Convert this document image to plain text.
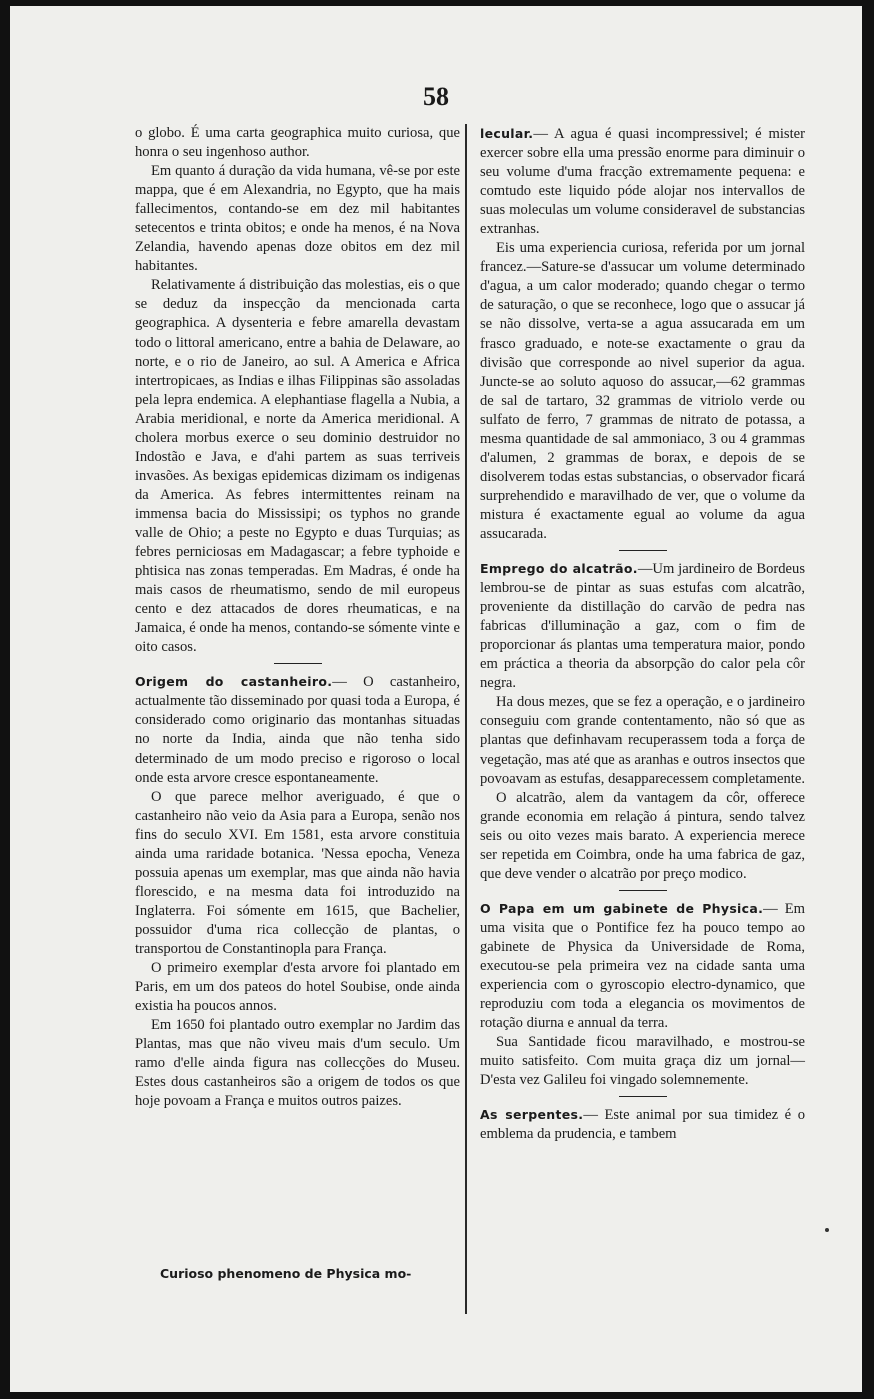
58

o globo. É uma carta geographica muito curiosa, que honra o seu ingenhoso author.

Em quanto á duração da vida humana, vê-se por este mappa, que é em Alexandria, no Egypto, que ha mais fallecimentos, contando-se em dez mil habitantes setecentos e trinta obitos; e onde ha menos, é na Nova Zelandia, havendo apenas doze obitos em dez mil habitantes.

Relativamente á distribuição das molestias, eis o que se deduz da inspecção da mencionada carta geographica. A dysenteria e febre amarella devastam todo o littoral americano, entre a bahia de Delaware, ao norte, e o rio de Janeiro, ao sul. A America e Africa intertropicaes, as Indias e ilhas Filippinas são assoladas pela lepra endemica. A elephantiase flagella a Nubia, a Arabia meridional, e norte da America meridional. A cholera morbus exerce o seu dominio destruidor no Indostão e Java, e d'ahi partem as suas terriveis invasões. As bexigas epidemicas dizimam os indigenas da America. As febres intermittentes reinam na immensa bacia do Mississipi; os typhos no grande valle de Ohio; a peste no Egypto e duas Turquias; as febres perniciosas em Madagascar; a febre typhoide e phtisica nas zonas temperadas. Em Madras, é onde ha mais casos de rheumatismo, sendo de mil europeus cento e dez attacados de dores rheumaticas, e na Jamaica, é onde ha menos, contando-se sómente vinte e oito casos.

Origem do castanheiro.— O castanheiro, actualmente tão disseminado por quasi toda a Europa, é considerado como originario das montanhas situadas no norte da India, ainda que não tenha sido determinado de um modo preciso e rigoroso o local onde esta arvore cresce espontaneamente.

O que parece melhor averiguado, é que o castanheiro não veio da Asia para a Europa, senão nos fins do seculo XVI. Em 1581, esta arvore constituia ainda uma raridade botanica. 'Nessa epocha, Veneza possuia apenas um exemplar, mas que ainda não havia florescido, e na mesma data foi introduzido na Inglaterra. Foi sómente em 1615, que Bachelier, possuidor d'uma rica collecção de plantas, o transportou de Constantinopla para França.

O primeiro exemplar d'esta arvore foi plantado em Paris, em um dos pateos do hotel Soubise, onde ainda existia ha poucos annos.

Em 1650 foi plantado outro exemplar no Jardim das Plantas, mas que não viveu mais d'um seculo. Um ramo d'elle ainda figura nas collecções do Museu. Estes dous castanheiros são a origem de todos os que hoje povoam a França e muitos outros paizes.

Curioso phenomeno de Physica mo-

lecular.— A agua é quasi incompressivel; é mister exercer sobre ella uma pressão enorme para diminuir o seu volume d'uma fracção extremamente pequena: e comtudo este liquido póde alojar nos intervallos de suas moleculas um volume consideravel de substancias extranhas.

Eis uma experiencia curiosa, referida por um jornal francez.—Sature-se d'assucar um volume determinado d'agua, a um calor moderado; quando chegar o termo de saturação, o que se reconhece, logo que o assucar já se não dissolve, verta-se a agua assucarada em um frasco graduado, e note-se exactamente o grau da divisão que corresponde ao nivel superior da agua. Juncte-se ao soluto aquoso do assucar,—62 grammas de sal de tartaro, 32 grammas de vitriolo verde ou sulfato de ferro, 7 grammas de nitrato de potassa, a mesma quantidade de sal ammoniaco, 3 ou 4 grammas d'alumen, 2 grammas de borax, e depois de se disolverem todas estas substancias, o observador ficará surprehendido e maravilhado de ver, que o volume da mistura é exactamente egual ao volume da agua assucarada.

Emprego do alcatrão.—Um jardineiro de Bordeus lembrou-se de pintar as suas estufas com alcatrão, proveniente da distillação do carvão de pedra nas fabricas d'illuminação a gaz, com o fim de proporcionar ás plantas uma temperatura maior, pondo em práctica a theoria da absorpção do calor pela côr negra.

Ha dous mezes, que se fez a operação, e o jardineiro conseguiu com grande contentamento, não só que as plantas que definhavam recuperassem toda a força de vegetação, mas até que as aranhas e outros insectos que povoavam as estufas, desapparecessem completamente.

O alcatrão, alem da vantagem da côr, offerece grande economia em relação á pintura, sendo talvez seis ou oito vezes mais barato. A experiencia merece ser repetida em Coimbra, onde ha uma fabrica de gaz, que deve vender o alcatrão por preço modico.

O Papa em um gabinete de Physica.— Em uma visita que o Pontifice fez ha pouco tempo ao gabinete de Physica da Universidade de Roma, executou-se pela primeira vez na cidade santa uma experiencia com o gyroscopio electro-dynamico, que reproduziu com toda a elegancia os movimentos de rotação diurna e annual da terra.

Sua Santidade ficou maravilhado, e mostrou-se muito satisfeito. Com muita graça diz um jornal—D'esta vez Galileu foi vingado solemnemente.

As serpentes.— Este animal por sua timidez é o emblema da prudencia, e tambem
